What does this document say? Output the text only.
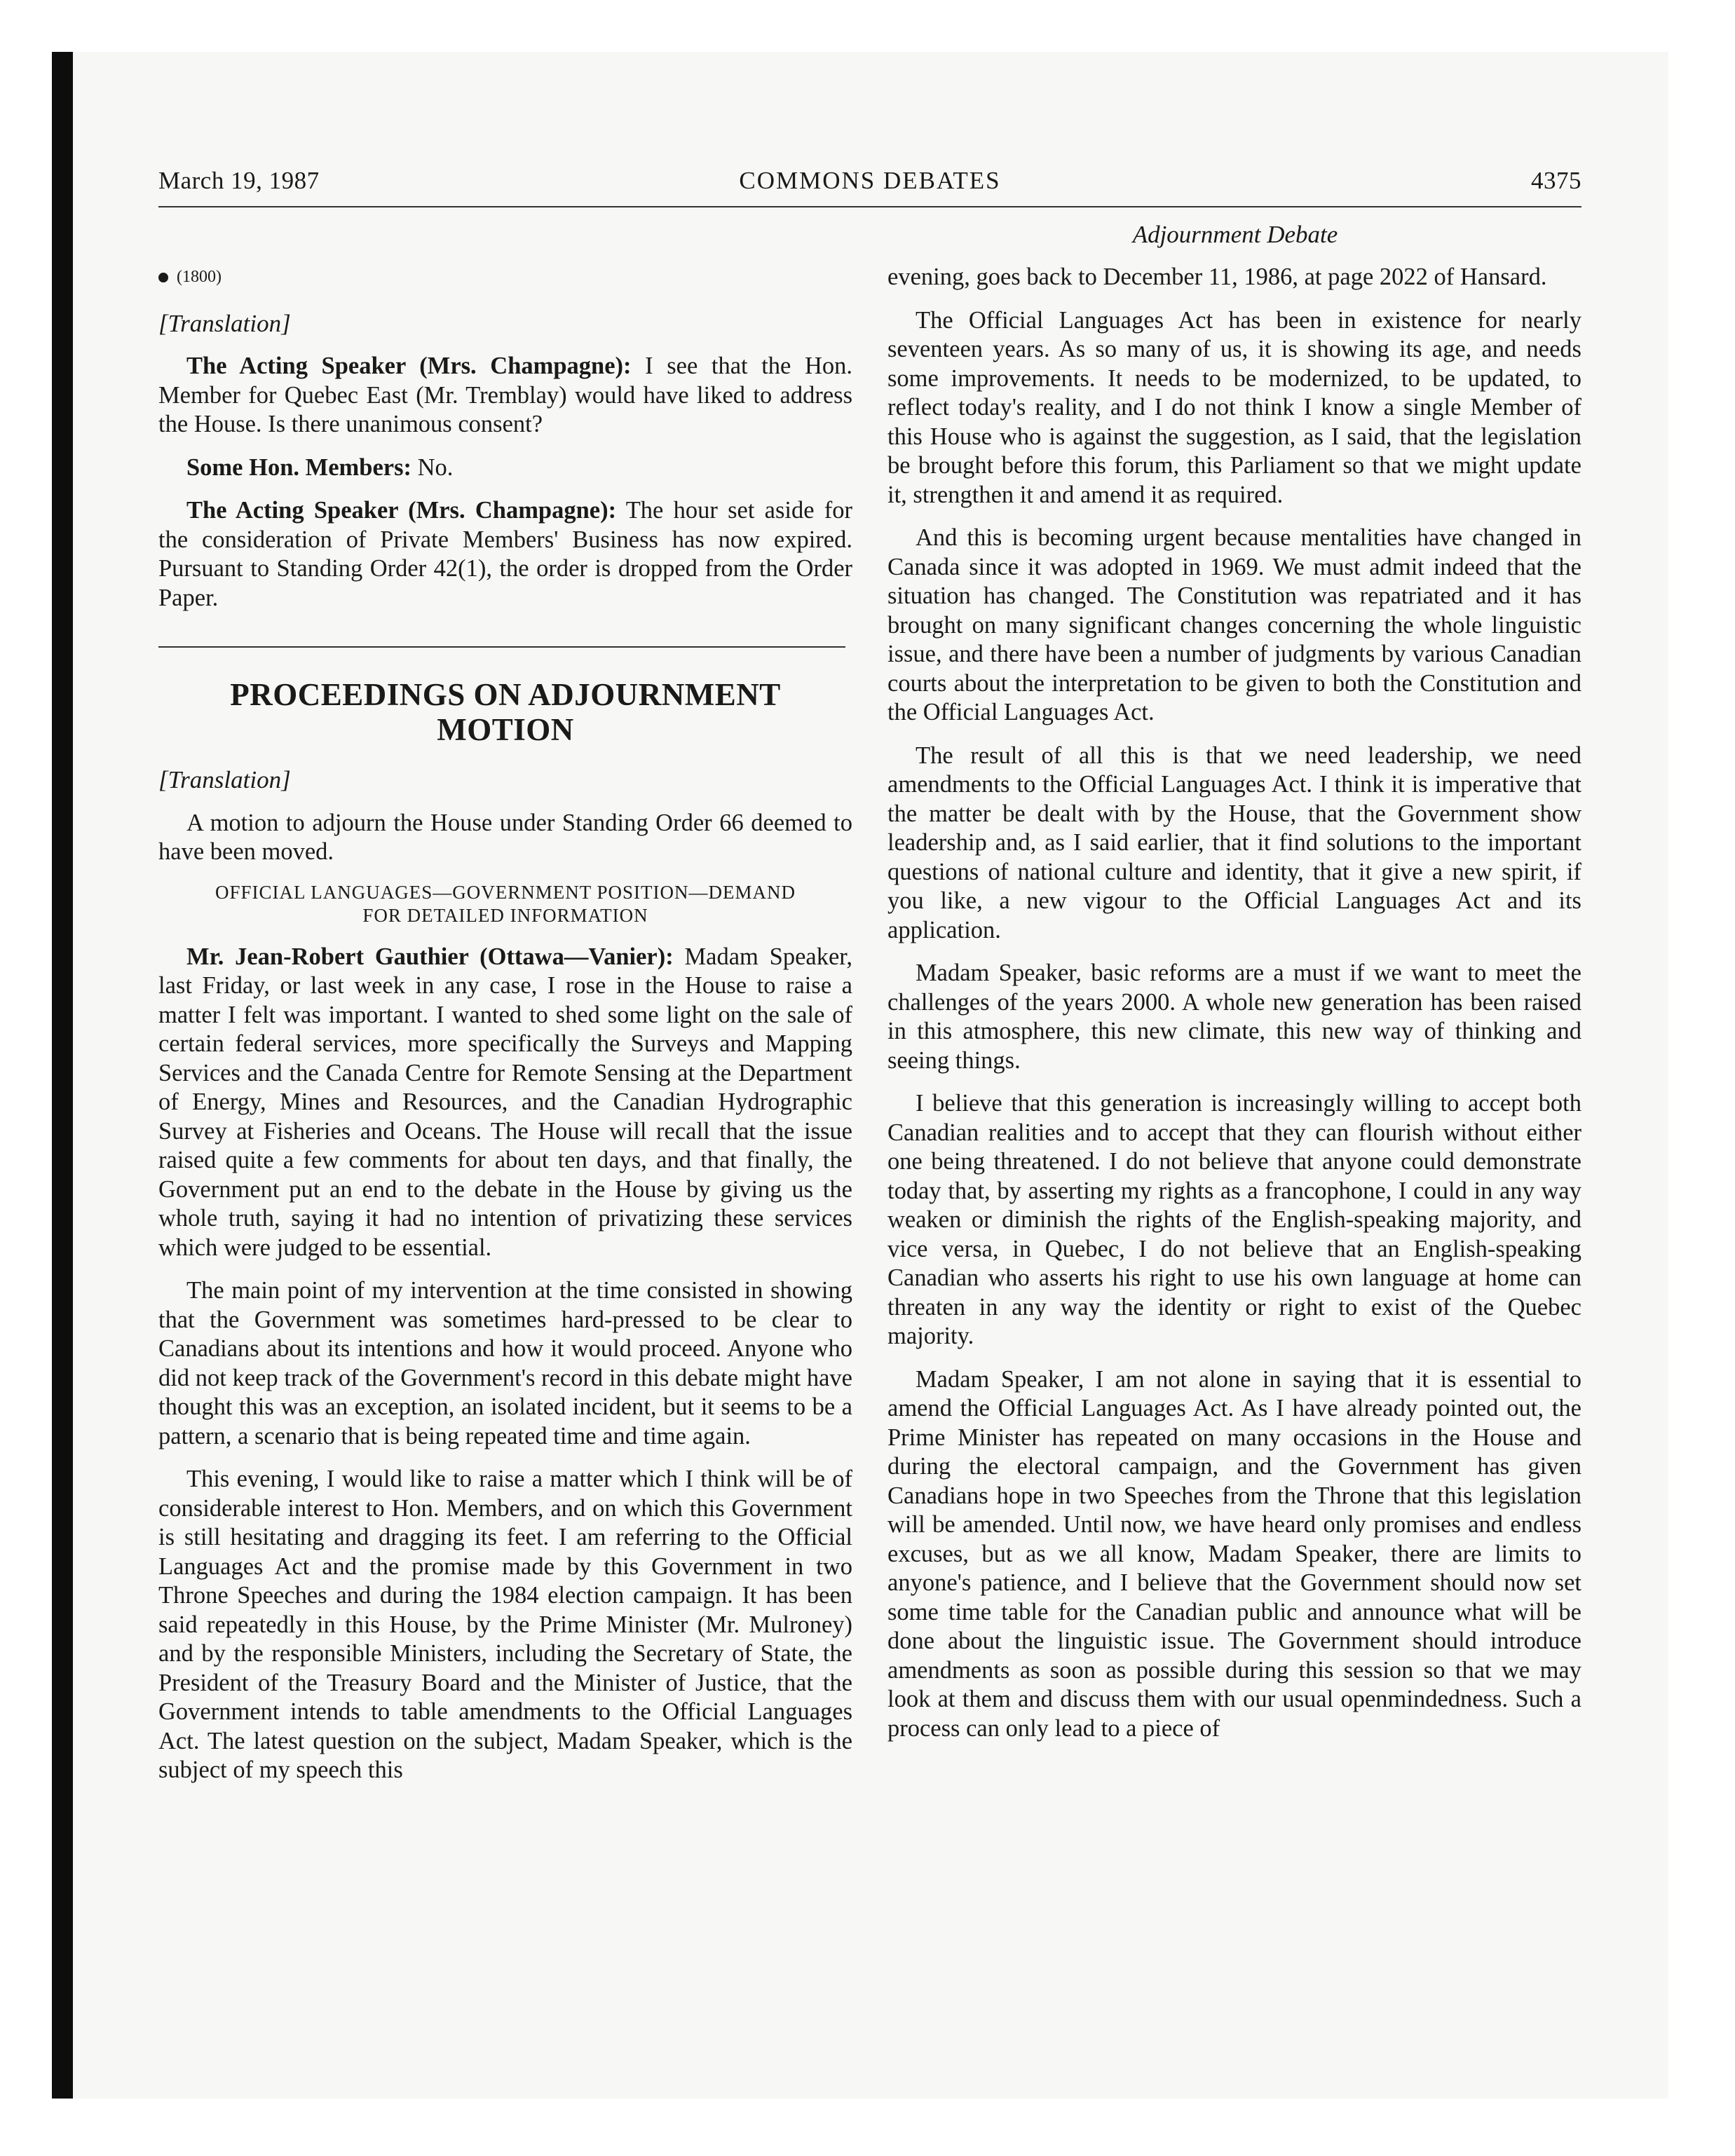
March 19, 1987	COMMONS DEBATES	4375
Adjournment Debate
(1800)
[Translation]

The Acting Speaker (Mrs. Champagne): I see that the Hon. Member for Quebec East (Mr. Tremblay) would have liked to address the House. Is there unanimous consent?

Some Hon. Members: No.

The Acting Speaker (Mrs. Champagne): The hour set aside for the consideration of Private Members' Business has now expired. Pursuant to Standing Order 42(1), the order is dropped from the Order Paper.

PROCEEDINGS ON ADJOURNMENT
MOTION
[Translation]

A motion to adjourn the House under Standing Order 66 deemed to have been moved.

OFFICIAL LANGUAGES—GOVERNMENT POSITION—DEMAND
FOR DETAILED INFORMATION

Mr. Jean-Robert Gauthier (Ottawa—Vanier): Madam Speaker, last Friday, or last week in any case, I rose in the House to raise a matter I felt was important. I wanted to shed some light on the sale of certain federal services, more specifically the Surveys and Mapping Services and the Canada Centre for Remote Sensing at the Department of Energy, Mines and Resources, and the Canadian Hydrographic Survey at Fisheries and Oceans. The House will recall that the issue raised quite a few comments for about ten days, and that finally, the Government put an end to the debate in the House by giving us the whole truth, saying it had no intention of privatizing these services which were judged to be essential.

The main point of my intervention at the time consisted in showing that the Government was sometimes hard-pressed to be clear to Canadians about its intentions and how it would proceed. Anyone who did not keep track of the Government's record in this debate might have thought this was an exception, an isolated incident, but it seems to be a pattern, a scenario that is being repeated time and time again.

This evening, I would like to raise a matter which I think will be of considerable interest to Hon. Members, and on which this Government is still hesitating and dragging its feet. I am referring to the Official Languages Act and the promise made by this Government in two Throne Speeches and during the 1984 election campaign. It has been said repeatedly in this House, by the Prime Minister (Mr. Mulroney) and by the responsible Ministers, including the Secretary of State, the President of the Treasury Board and the Minister of Justice, that the Government intends to table amendments to the Official Languages Act. The latest question on the subject, Madam Speaker, which is the subject of my speech this

evening, goes back to December 11, 1986, at page 2022 of Hansard.

The Official Languages Act has been in existence for nearly seventeen years. As so many of us, it is showing its age, and needs some improvements. It needs to be modernized, to be updated, to reflect today's reality, and I do not think I know a single Member of this House who is against the suggestion, as I said, that the legislation be brought before this forum, this Parliament so that we might update it, strengthen it and amend it as required.

And this is becoming urgent because mentalities have changed in Canada since it was adopted in 1969. We must admit indeed that the situation has changed. The Constitution was repatriated and it has brought on many significant changes concerning the whole linguistic issue, and there have been a number of judgments by various Canadian courts about the interpretation to be given to both the Constitution and the Official Languages Act.

The result of all this is that we need leadership, we need amendments to the Official Languages Act. I think it is imperative that the matter be dealt with by the House, that the Government show leadership and, as I said earlier, that it find solutions to the important questions of national culture and identity, that it give a new spirit, if you like, a new vigour to the Official Languages Act and its application.

Madam Speaker, basic reforms are a must if we want to meet the challenges of the years 2000. A whole new generation has been raised in this atmosphere, this new climate, this new way of thinking and seeing things.

I believe that this generation is increasingly willing to accept both Canadian realities and to accept that they can flourish without either one being threatened. I do not believe that anyone could demonstrate today that, by asserting my rights as a francophone, I could in any way weaken or diminish the rights of the English-speaking majority, and vice versa, in Quebec, I do not believe that an English-speaking Canadian who asserts his right to use his own language at home can threaten in any way the identity or right to exist of the Quebec majority.

Madam Speaker, I am not alone in saying that it is essential to amend the Official Languages Act. As I have already pointed out, the Prime Minister has repeated on many occasions in the House and during the electoral campaign, and the Government has given Canadians hope in two Speeches from the Throne that this legislation will be amended. Until now, we have heard only promises and endless excuses, but as we all know, Madam Speaker, there are limits to anyone's patience, and I believe that the Government should now set some time table for the Canadian public and announce what will be done about the linguistic issue. The Government should introduce amendments as soon as possible during this session so that we may look at them and discuss them with our usual openmindedness. Such a process can only lead to a piece of
